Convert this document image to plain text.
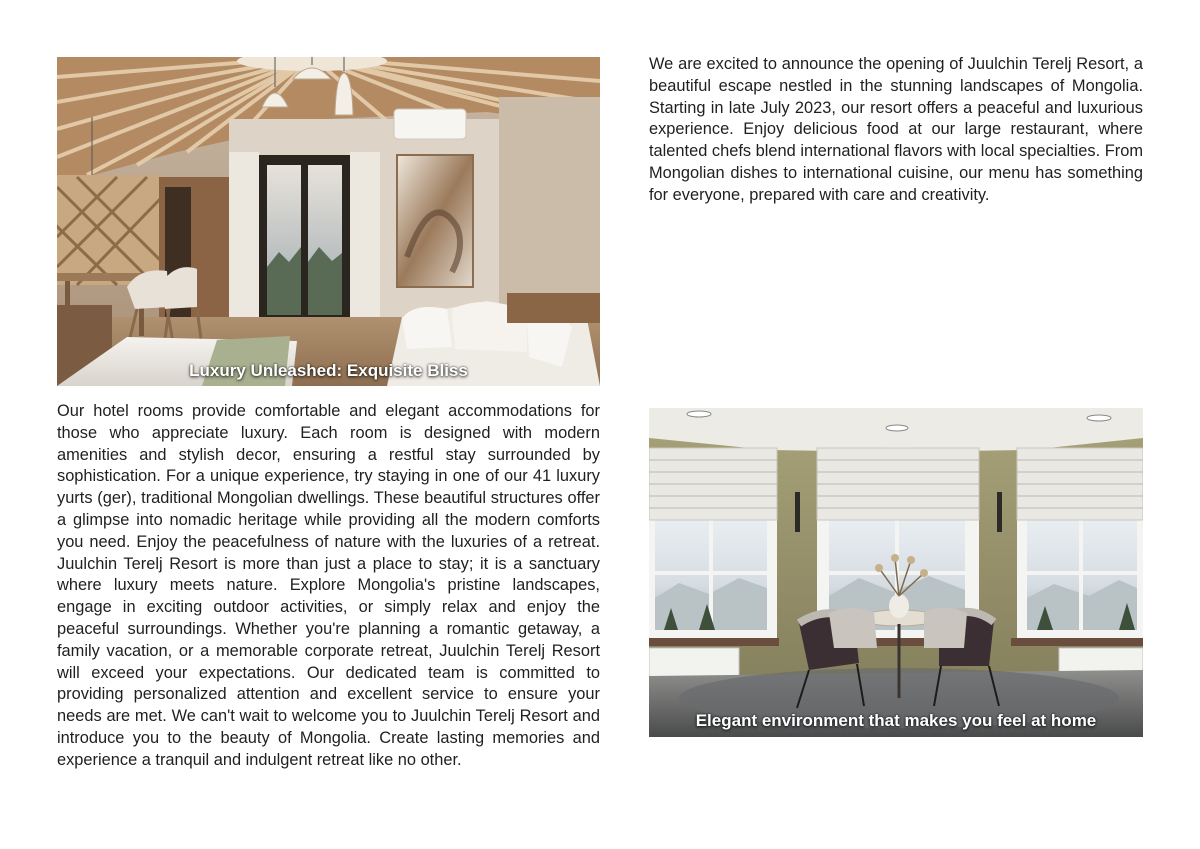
Luxury Unleashed: Exquisite Bliss

We are excited to announce the opening of Juulchin Terelj Resort, a beautiful escape nestled in the stunning landscapes of Mongolia. Starting in late July 2023, our resort offers a peaceful and luxurious experience. Enjoy delicious food at our large restaurant, where talented chefs blend international flavors with local specialties. From Mongolian dishes to international cuisine, our menu has something for everyone, prepared with care and creativity.

Our hotel rooms provide comfortable and elegant accommodations for those who appreciate luxury. Each room is designed with modern amenities and stylish decor, ensuring a restful stay surrounded by sophistication. For a unique experience, try staying in one of our 41 luxury yurts (ger), traditional Mongolian dwellings. These beautiful structures offer a glimpse into nomadic heritage while providing all the modern comforts you need. Enjoy the peacefulness of nature with the luxuries of a retreat. Juulchin Terelj Resort is more than just a place to stay; it is a sanctuary where luxury meets nature. Explore Mongolia's pristine landscapes, engage in exciting outdoor activities, or simply relax and enjoy the peaceful surroundings. Whether you're planning a romantic getaway, a family vacation, or a memorable corporate retreat, Juulchin Terelj Resort will exceed your expectations. Our dedicated team is committed to providing personalized attention and excellent service to ensure your needs are met. We can't wait to welcome you to Juulchin Terelj Resort and introduce you to the beauty of Mongolia. Create lasting memories and experience a tranquil and indulgent retreat like no other.

Elegant environment that makes you feel at home
